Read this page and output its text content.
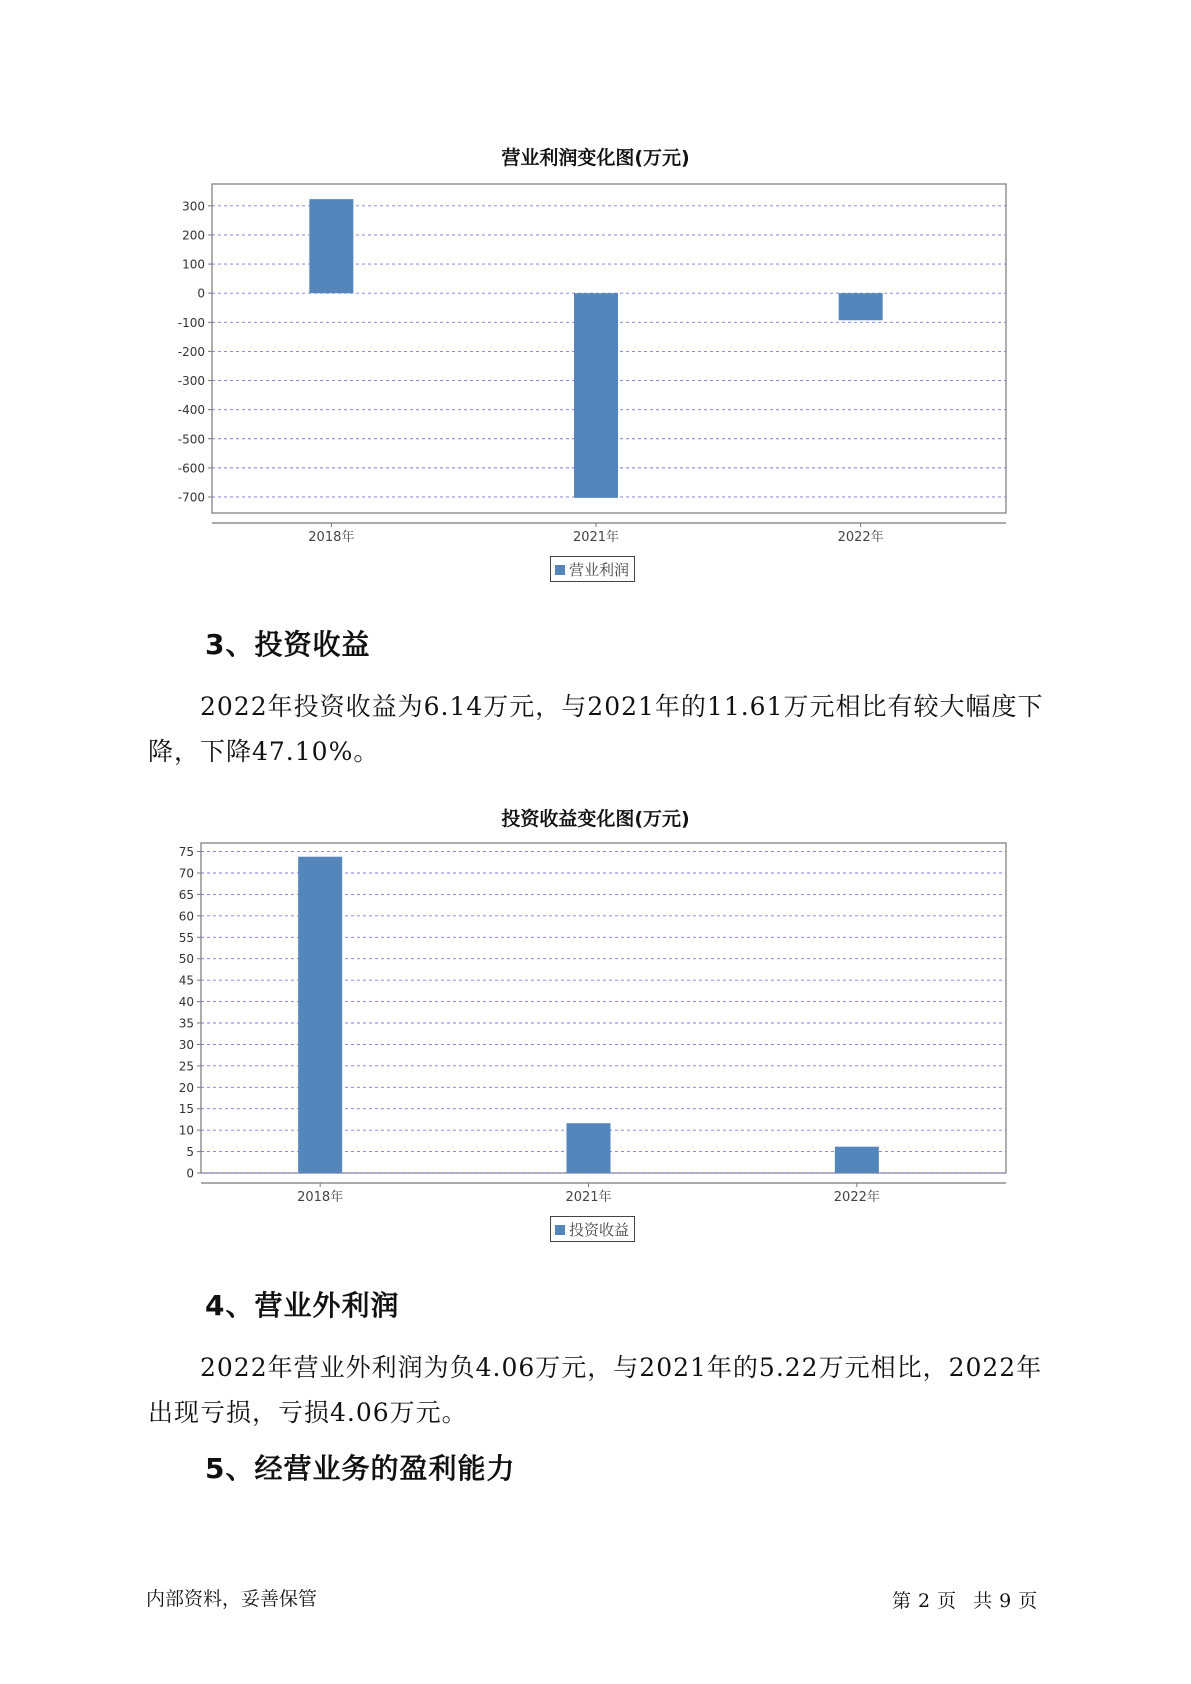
营业利润变化图(万元)
300
200
100
0
-100
-200
-300
-400
-500
-600
-700
2018年	2021年	2022年
营业利润
3、投资收益

2022年投资收益为6.14万元，与2021年的11.61万元相比有较大幅度下降，下降47.10%。

投资收益变化图(万元)
75
70
65
60
55
50
45
40
35
30
25
20
15
10
5
0
2018年	2021年	2022年
投资收益
4、营业外利润

2022年营业外利润为负4.06万元，与2021年的5.22万元相比，2022年出现亏损，亏损4.06万元。

5、经营业务的盈利能力
内部资料，妥善保管	第 2 页 共 9 页
